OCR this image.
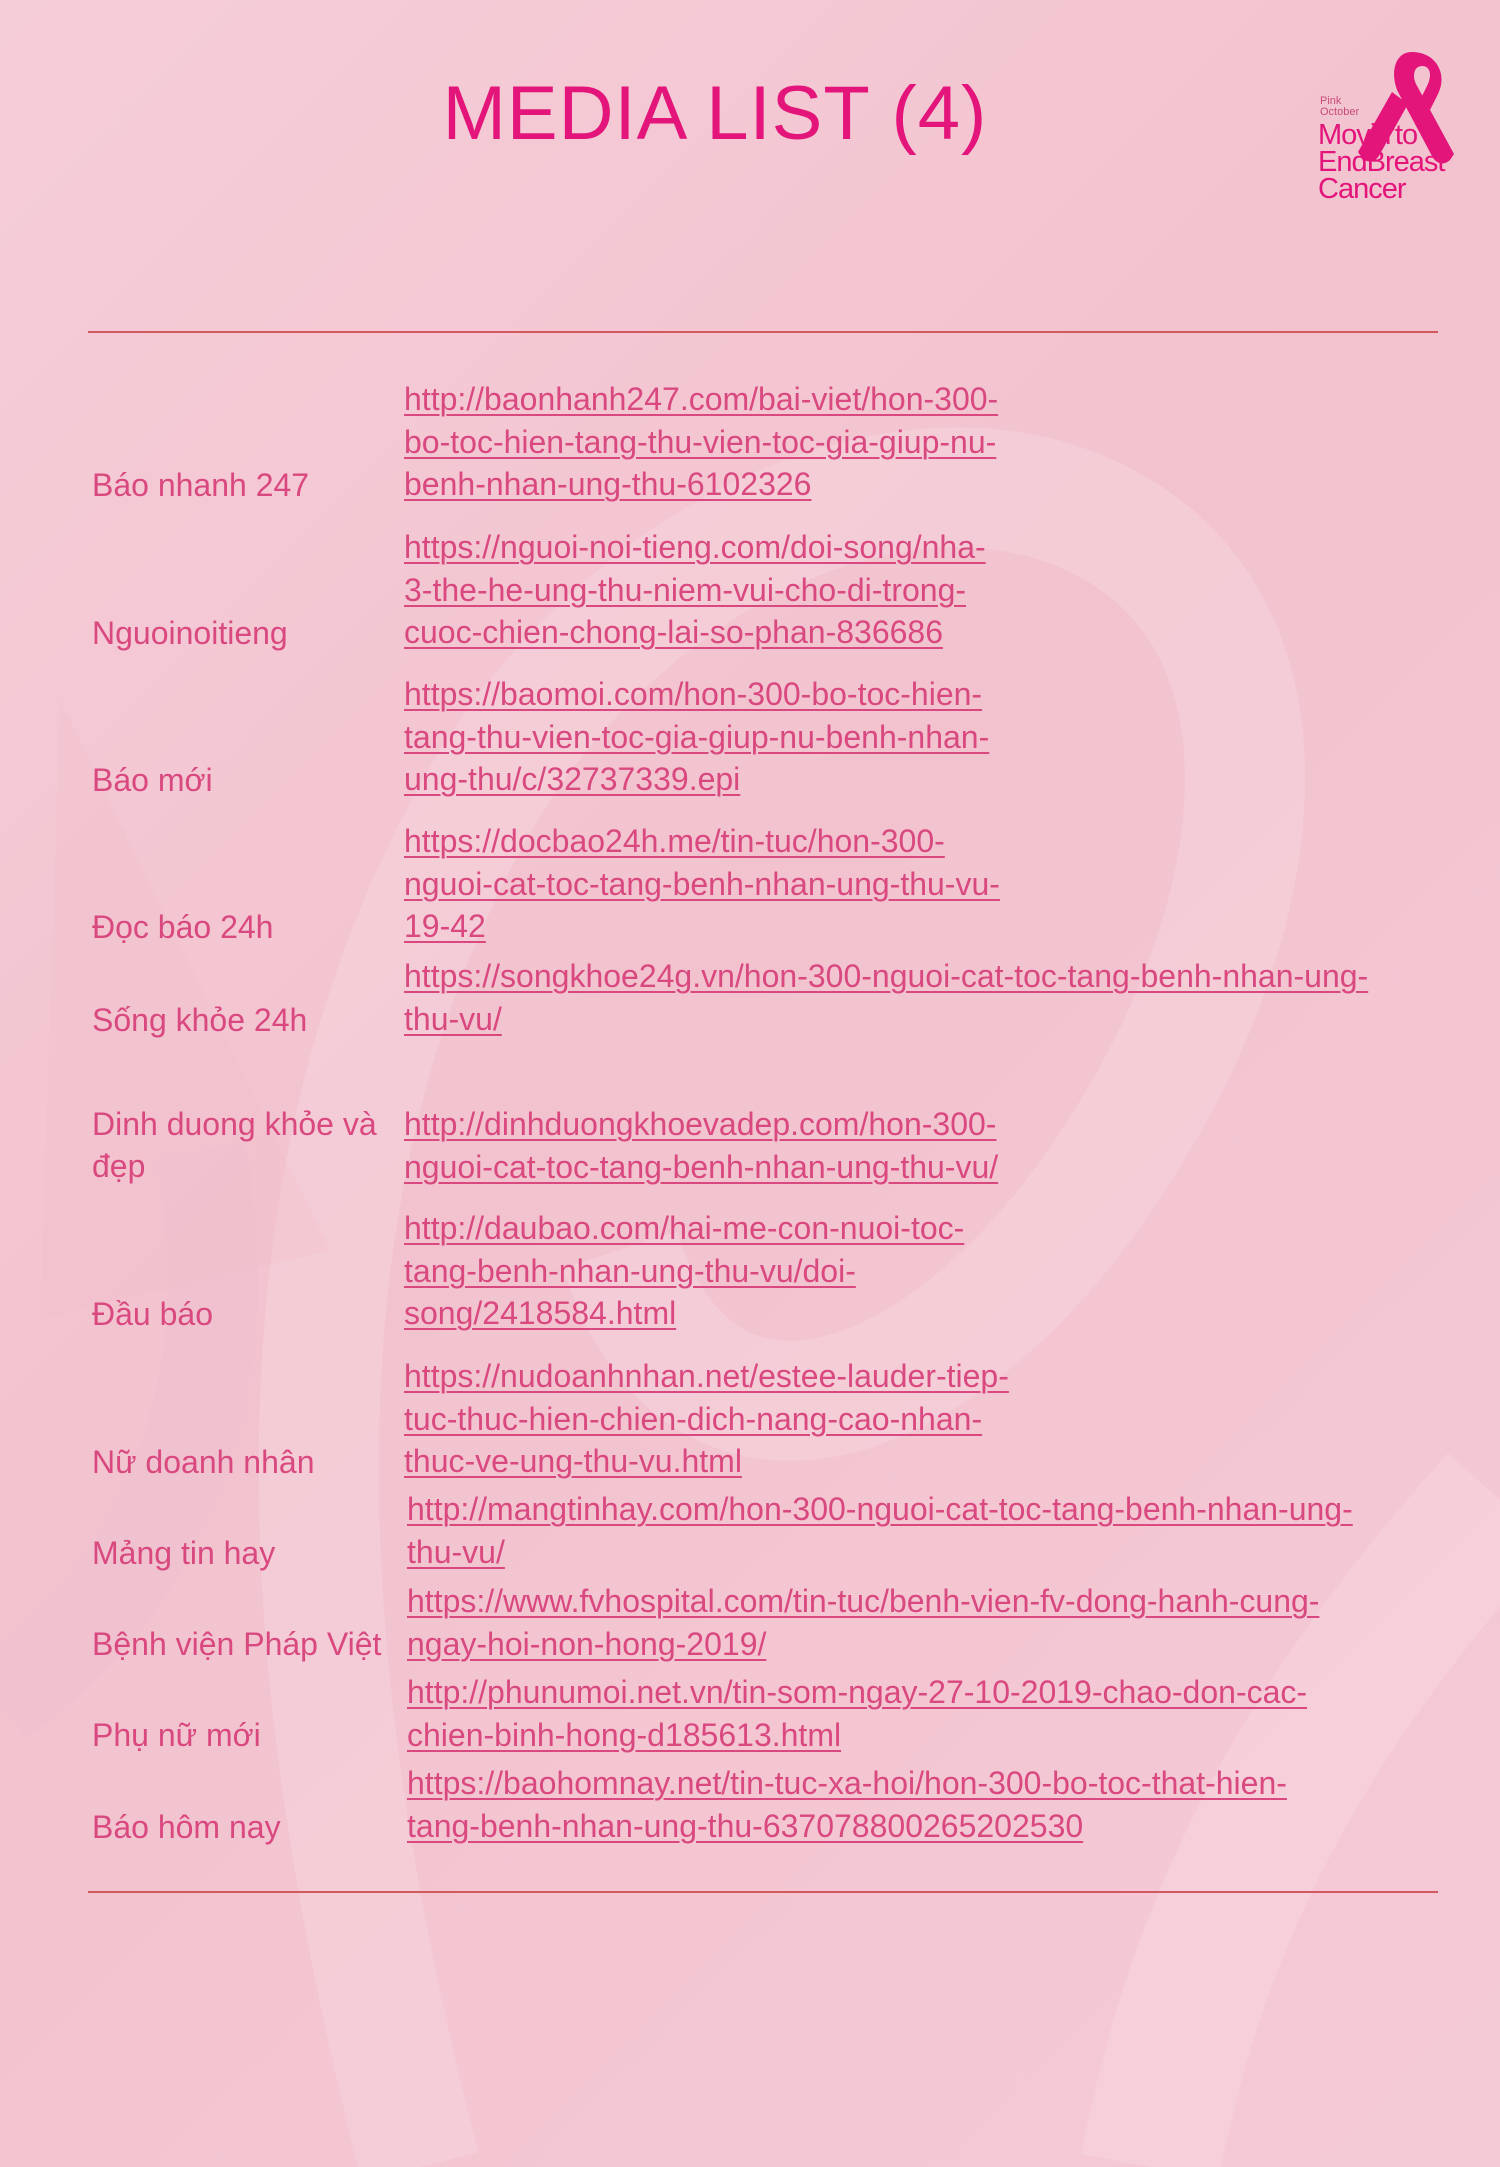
MEDIA LIST (4)	Pink October
Movin'to
EndBreast
Cancer
Báo nhanh 247
http://baonhanh247.com/bai-viet/hon-300-
bo-toc-hien-tang-thu-vien-toc-gia-giup-nu-
benh-nhan-ung-thu-6102326
Nguoinoitieng
https://nguoi-noi-tieng.com/doi-song/nha-
3-the-he-ung-thu-niem-vui-cho-di-trong-
cuoc-chien-chong-lai-so-phan-836686
Báo mới
https://baomoi.com/hon-300-bo-toc-hien-
tang-thu-vien-toc-gia-giup-nu-benh-nhan-
ung-thu/c/32737339.epi
Đọc báo 24h
https://docbao24h.me/tin-tuc/hon-300-
nguoi-cat-toc-tang-benh-nhan-ung-thu-vu-
19-42
Sống khỏe 24h
https://songkhoe24g.vn/hon-300-nguoi-cat-toc-tang-benh-nhan-ung-
thu-vu/
Dinh duong khỏe và
đẹp
http://dinhduongkhoevadep.com/hon-300-
nguoi-cat-toc-tang-benh-nhan-ung-thu-vu/
Đầu báo
http://daubao.com/hai-me-con-nuoi-toc-
tang-benh-nhan-ung-thu-vu/doi-
song/2418584.html
Nữ doanh nhân
https://nudoanhnhan.net/estee-lauder-tiep-
tuc-thuc-hien-chien-dich-nang-cao-nhan-
thuc-ve-ung-thu-vu.html
Mảng tin hay
http://mangtinhay.com/hon-300-nguoi-cat-toc-tang-benh-nhan-ung-
thu-vu/
Bệnh viện Pháp Việt
https://www.fvhospital.com/tin-tuc/benh-vien-fv-dong-hanh-cung-
ngay-hoi-non-hong-2019/
Phụ nữ mới
http://phunumoi.net.vn/tin-som-ngay-27-10-2019-chao-don-cac-
chien-binh-hong-d185613.html
Báo hôm nay
https://baohomnay.net/tin-tuc-xa-hoi/hon-300-bo-toc-that-hien-
tang-benh-nhan-ung-thu-637078800265202530
